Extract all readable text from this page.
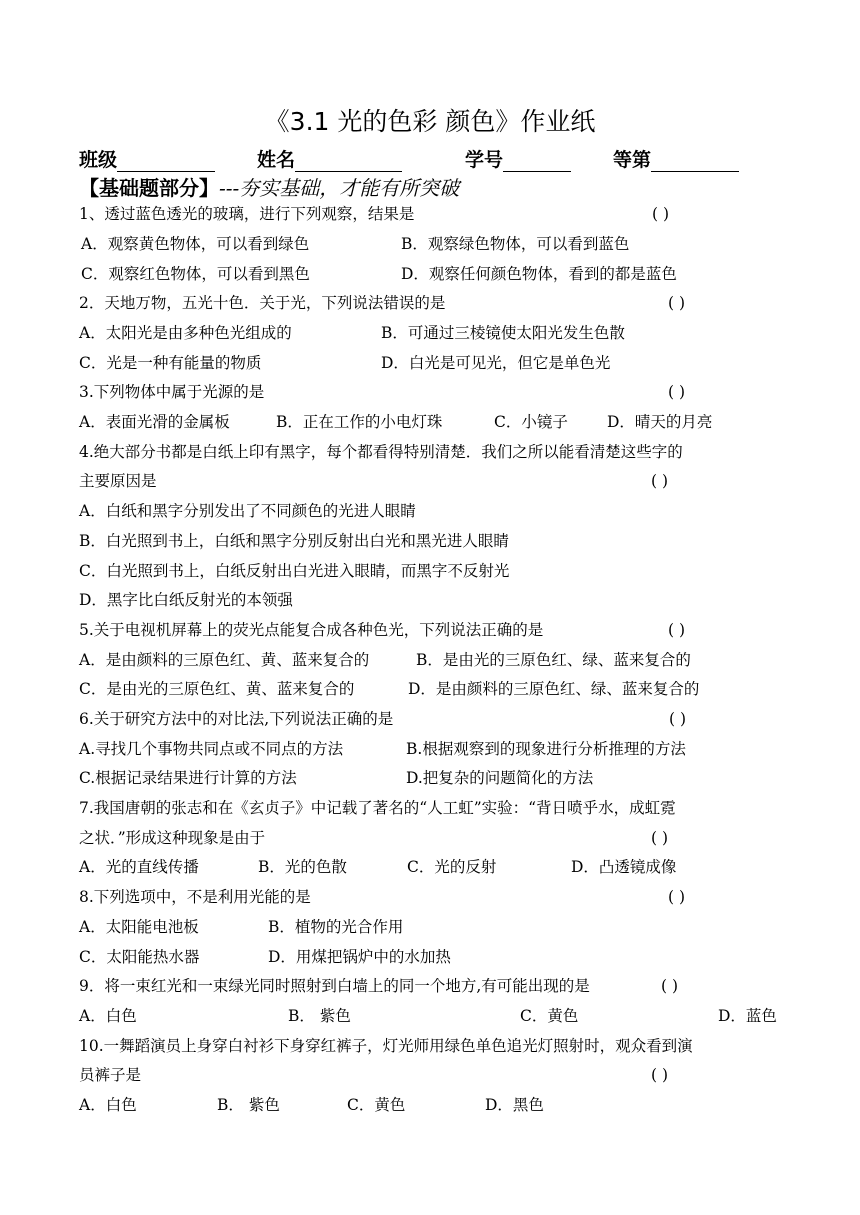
《3.1 光的色彩 颜色》作业纸
班级	姓名	学号	等第
【基础题部分】---夯实基础，才能有所突破
1、透过蓝色透光的玻璃，进行下列观察，结果是	( )
A．观察黄色物体，可以看到绿色	B．观察绿色物体，可以看到蓝色
C．观察红色物体，可以看到黑色	D．观察任何颜色物体，看到的都是蓝色
2．天地万物，五光十色．关于光，下列说法错误的是	( )
A．太阳光是由多种色光组成的	B．可通过三棱镜使太阳光发生色散
C．光是一种有能量的物质	D．白光是可见光，但它是单色光
3.下列物体中属于光源的是	( )
A．表面光滑的金属板	B．正在工作的小电灯珠	C．小镜子	D．晴天的月亮
4.绝大部分书都是白纸上印有黑字，每个都看得特别清楚．我们之所以能看清楚这些字的
主要原因是	( )
A．白纸和黑字分别发出了不同颜色的光进人眼睛
B．白光照到书上，白纸和黑字分别反射出白光和黑光进人眼睛
C．白光照到书上，白纸反射出白光进入眼睛，而黑字不反射光
D．黑字比白纸反射光的本领强
5.关于电视机屏幕上的荧光点能复合成各种色光，下列说法正确的是	( )
A．是由颜料的三原色红、黄、蓝来复合的	B．是由光的三原色红、绿、蓝来复合的
C．是由光的三原色红、黄、蓝来复合的	D．是由颜料的三原色红、绿、蓝来复合的
6.关于研究方法中的对比法,下列说法正确的是	( )
A.寻找几个事物共同点或不同点的方法	B.根据观察到的现象进行分析推理的方法
C.根据记录结果进行计算的方法	D.把复杂的问题简化的方法
7.我国唐朝的张志和在《玄贞子》中记载了著名的“人工虹”实验：“背日喷乎水，成虹霓
之状．”形成这种现象是由于	( )
A．光的直线传播	B．光的色散	C．光的反射	D．凸透镜成像
8.下列选项中，不是利用光能的是	( )
A．太阳能电池板	B．植物的光合作用
C．太阳能热水器	D．用煤把锅炉中的水加热
9．将一束红光和一束绿光同时照射到白墙上的同一个地方,有可能出现的是	( )
A．白色	B． 紫色	C．黄色	D．蓝色
10.一舞蹈演员上身穿白衬衫下身穿红裤子，灯光师用绿色单色追光灯照射时，观众看到演
员裤子是	( )
A．白色	B． 紫色	C．黄色	D．黑色
